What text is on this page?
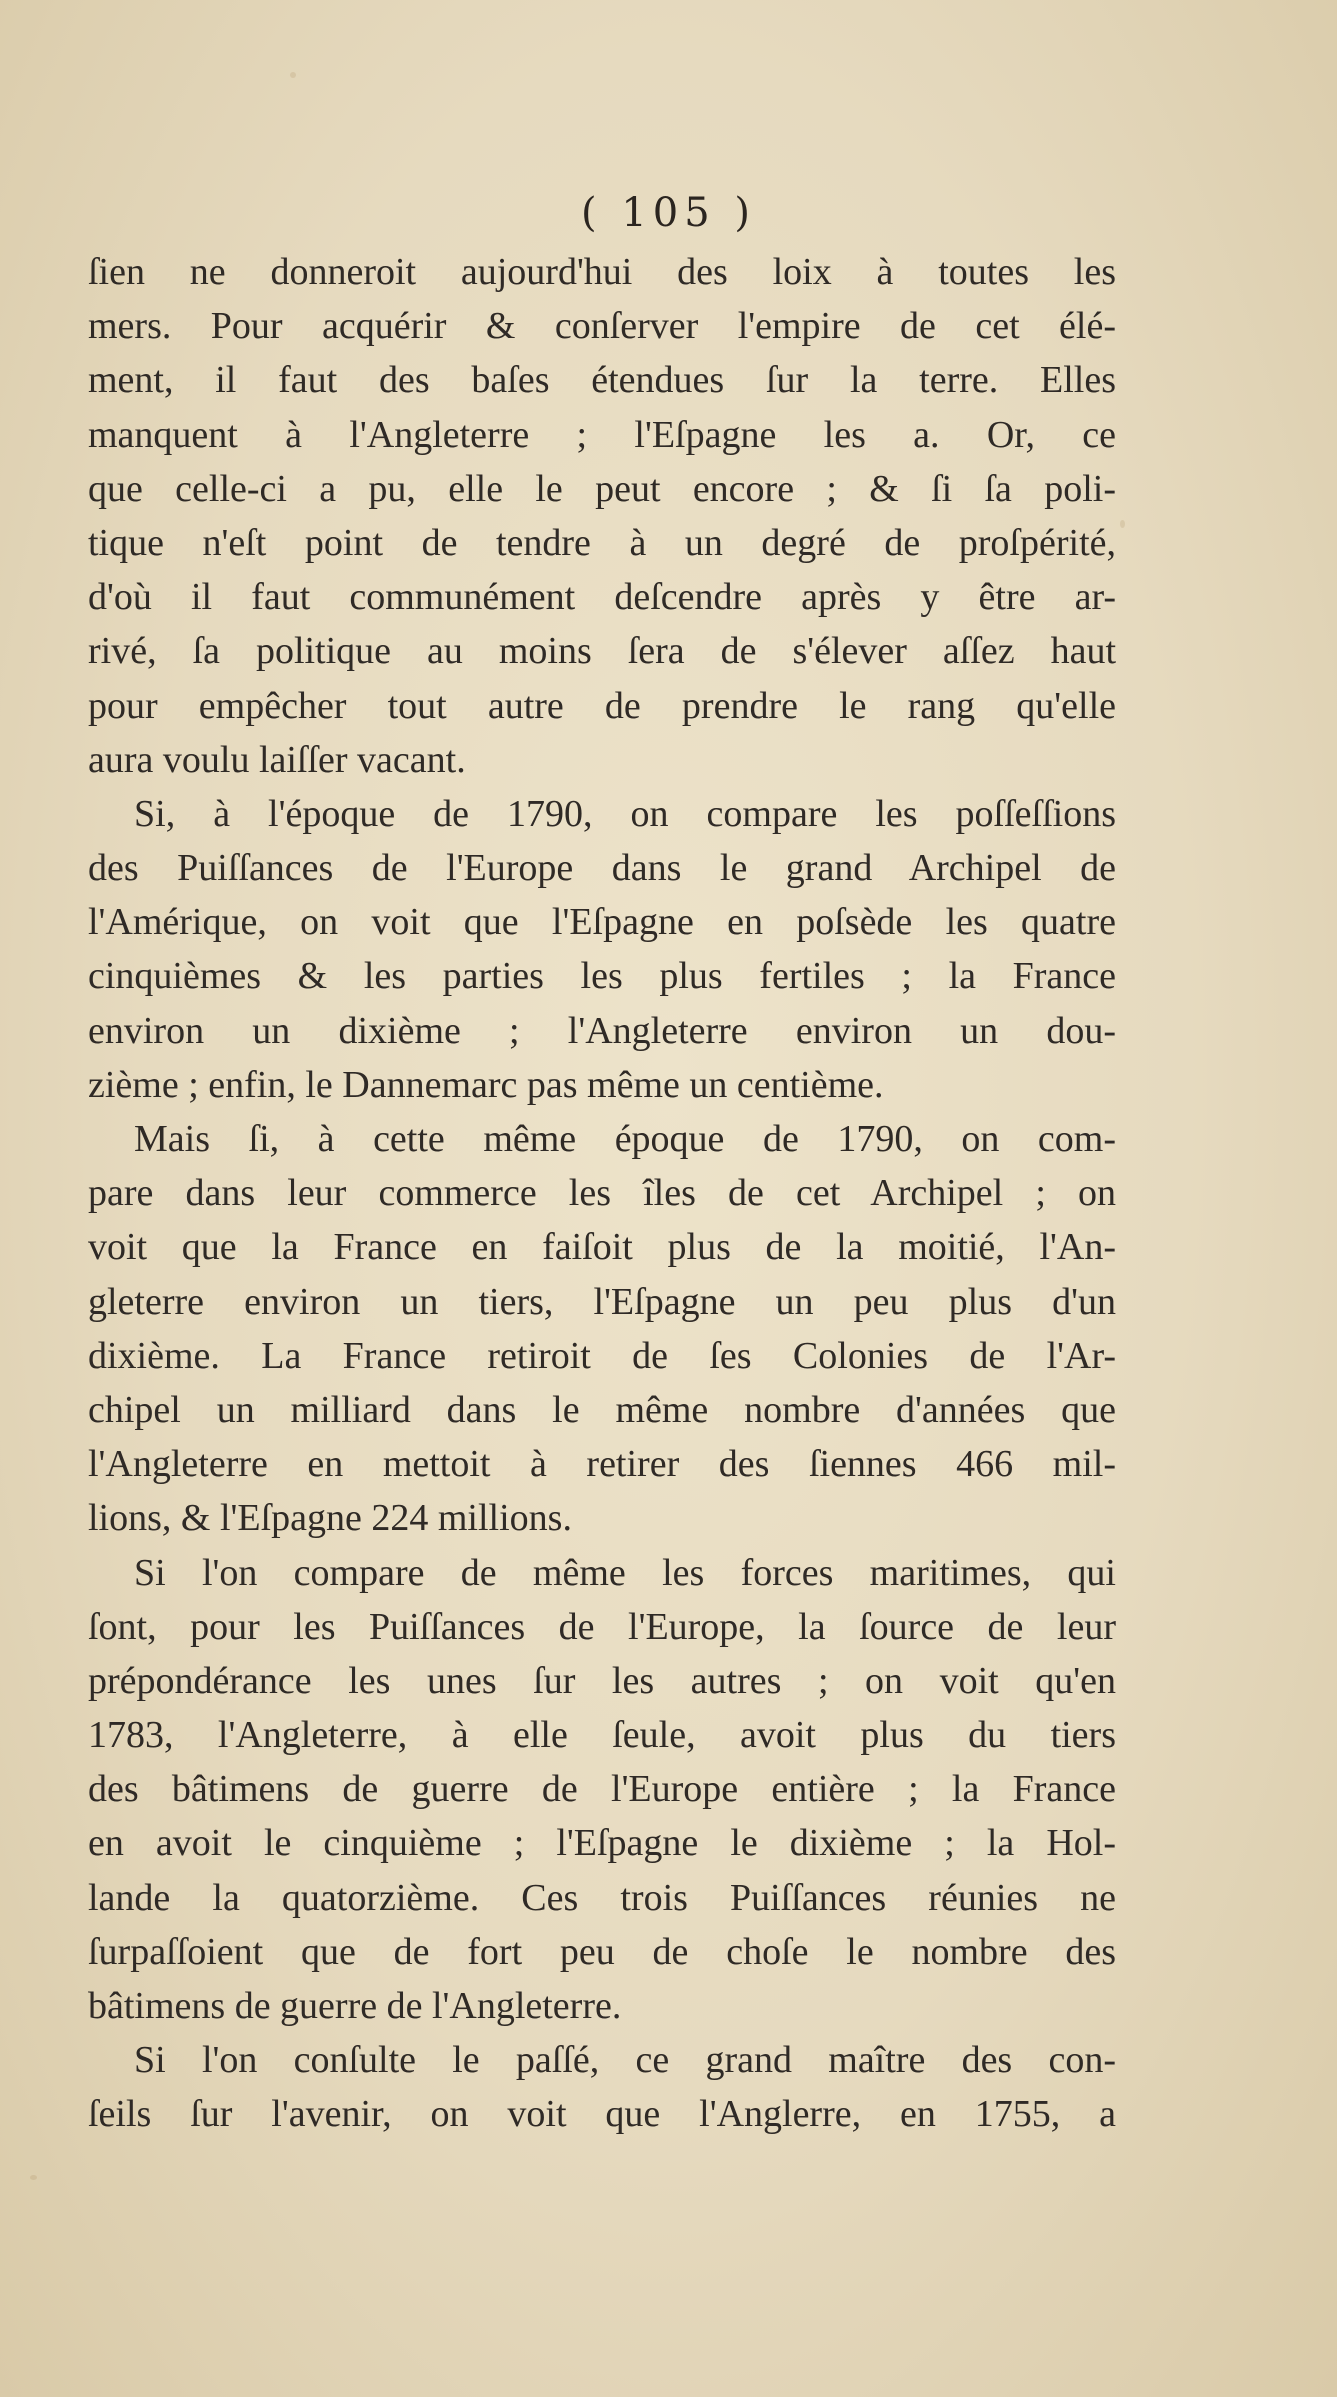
( 105 )
ſien ne donneroit aujourd'hui des loix à toutes les
mers. Pour acquérir & conſerver l'empire de cet élé-
ment, il faut des baſes étendues ſur la terre. Elles
manquent à l'Angleterre ; l'Eſpagne les a. Or, ce
que celle-ci a pu, elle le peut encore ; & ſi ſa poli-
tique n'eſt point de tendre à un degré de proſpérité,
d'où il faut communément deſcendre après y être ar-
rivé, ſa politique au moins ſera de s'élever aſſez haut
pour empêcher tout autre de prendre le rang qu'elle
aura voulu laiſſer vacant.
Si, à l'époque de 1790, on compare les poſſeſſions
des Puiſſances de l'Europe dans le grand Archipel de
l'Amérique, on voit que l'Eſpagne en poſsède les quatre
cinquièmes & les parties les plus fertiles ; la France
environ un dixième ; l'Angleterre environ un dou-
zième ; enfin, le Dannemarc pas même un centième.
Mais ſi, à cette même époque de 1790, on com-
pare dans leur commerce les îles de cet Archipel ; on
voit que la France en faiſoit plus de la moitié, l'An-
gleterre environ un tiers, l'Eſpagne un peu plus d'un
dixième. La France retiroit de ſes Colonies de l'Ar-
chipel un milliard dans le même nombre d'années que
l'Angleterre en mettoit à retirer des ſiennes 466 mil-
lions, & l'Eſpagne 224 millions.
Si l'on compare de même les forces maritimes, qui
ſont, pour les Puiſſances de l'Europe, la ſource de leur
prépondérance les unes ſur les autres ; on voit qu'en
1783, l'Angleterre, à elle ſeule, avoit plus du tiers
des bâtimens de guerre de l'Europe entière ; la France
en avoit le cinquième ; l'Eſpagne le dixième ; la Hol-
lande la quatorzième. Ces trois Puiſſances réunies ne
ſurpaſſoient que de fort peu de choſe le nombre des
bâtimens de guerre de l'Angleterre.
Si l'on conſulte le paſſé, ce grand maître des con-
ſeils ſur l'avenir, on voit que l'Anglerre, en 1755, a
